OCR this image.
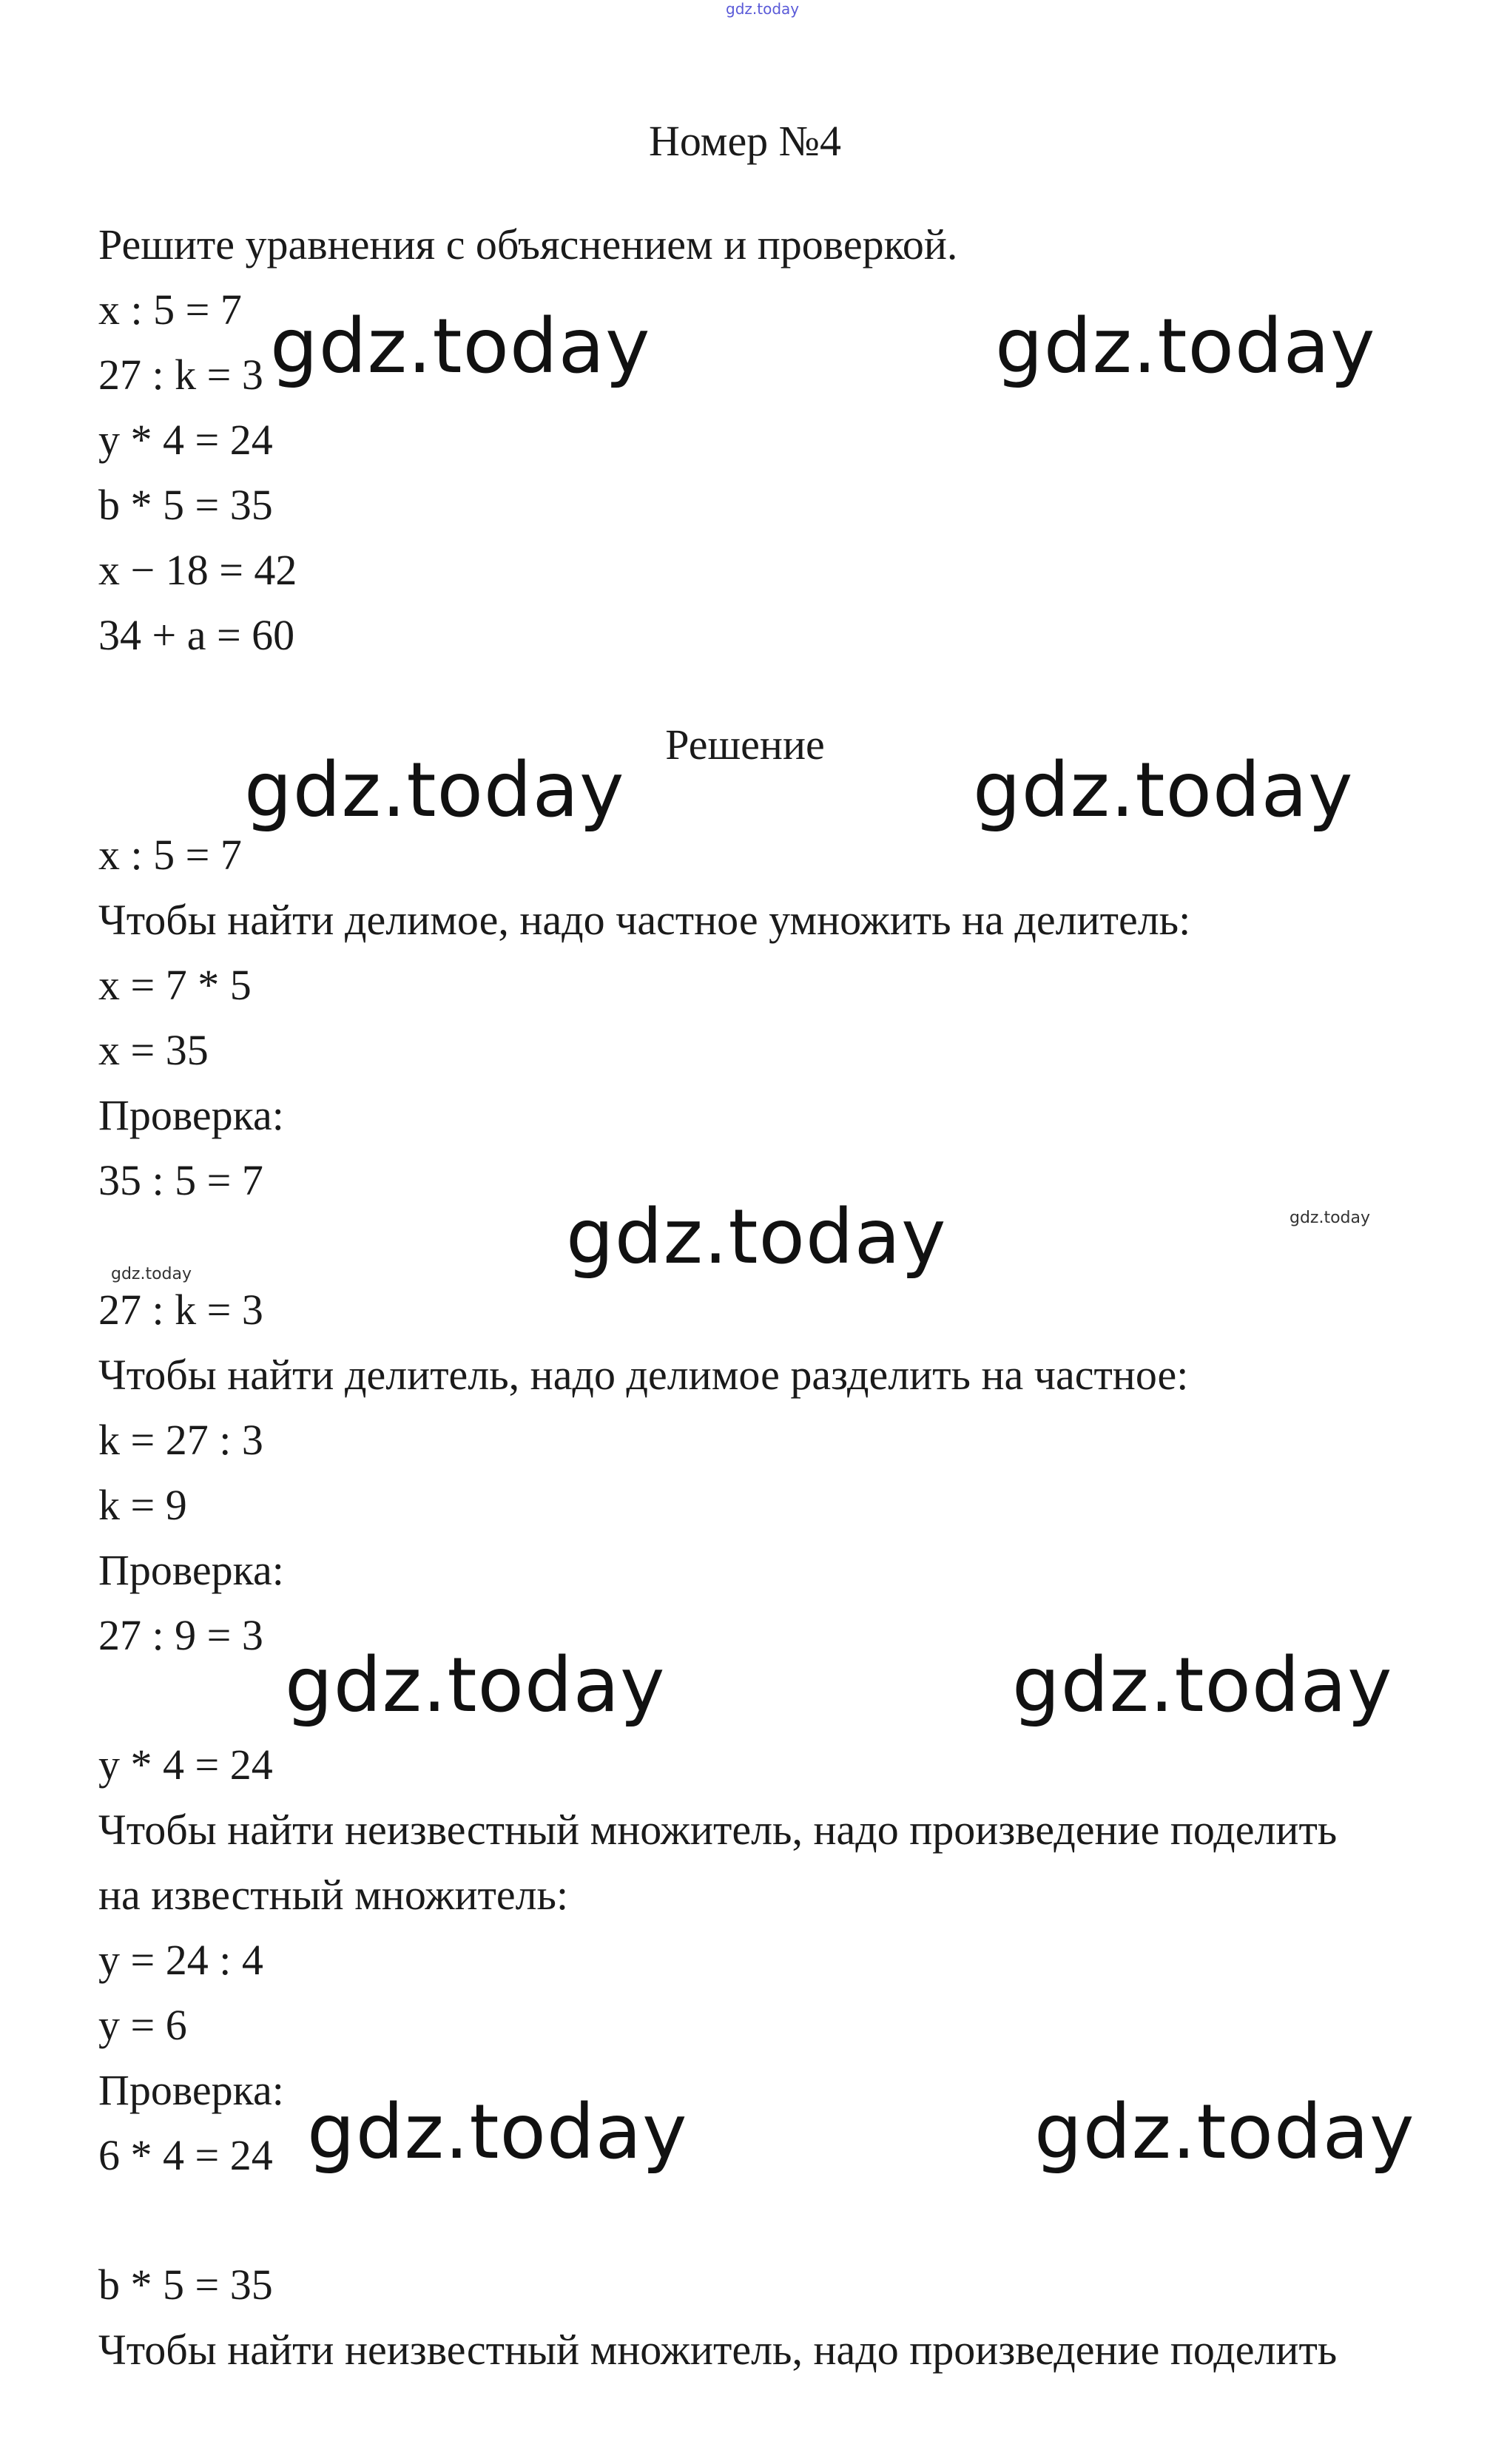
gdz.today
Номер №4
Решите уравнения с объяснением и проверкой.
x : 5 = 7
27 : k = 3
y * 4 = 24
b * 5 = 35
x − 18 = 42
34 + a = 60
Решение
x : 5 = 7
Чтобы найти делимое, надо частное умножить на делитель:
x = 7 * 5
x = 35
Проверка:
35 : 5 = 7
27 : k = 3
Чтобы найти делитель, надо делимое разделить на частное:
k = 27 : 3
k = 9
Проверка:
27 : 9 = 3
y * 4 = 24
Чтобы найти неизвестный множитель, надо произведение поделить
на известный множитель:
y = 24 : 4
y = 6
Проверка:
6 * 4 = 24
b * 5 = 35
Чтобы найти неизвестный множитель, надо произведение поделить
gdz.today	gdz.today
gdz.today	gdz.today
gdz.today
gdz.today	gdz.today
gdz.today	gdz.today
gdz.today
gdz.today
